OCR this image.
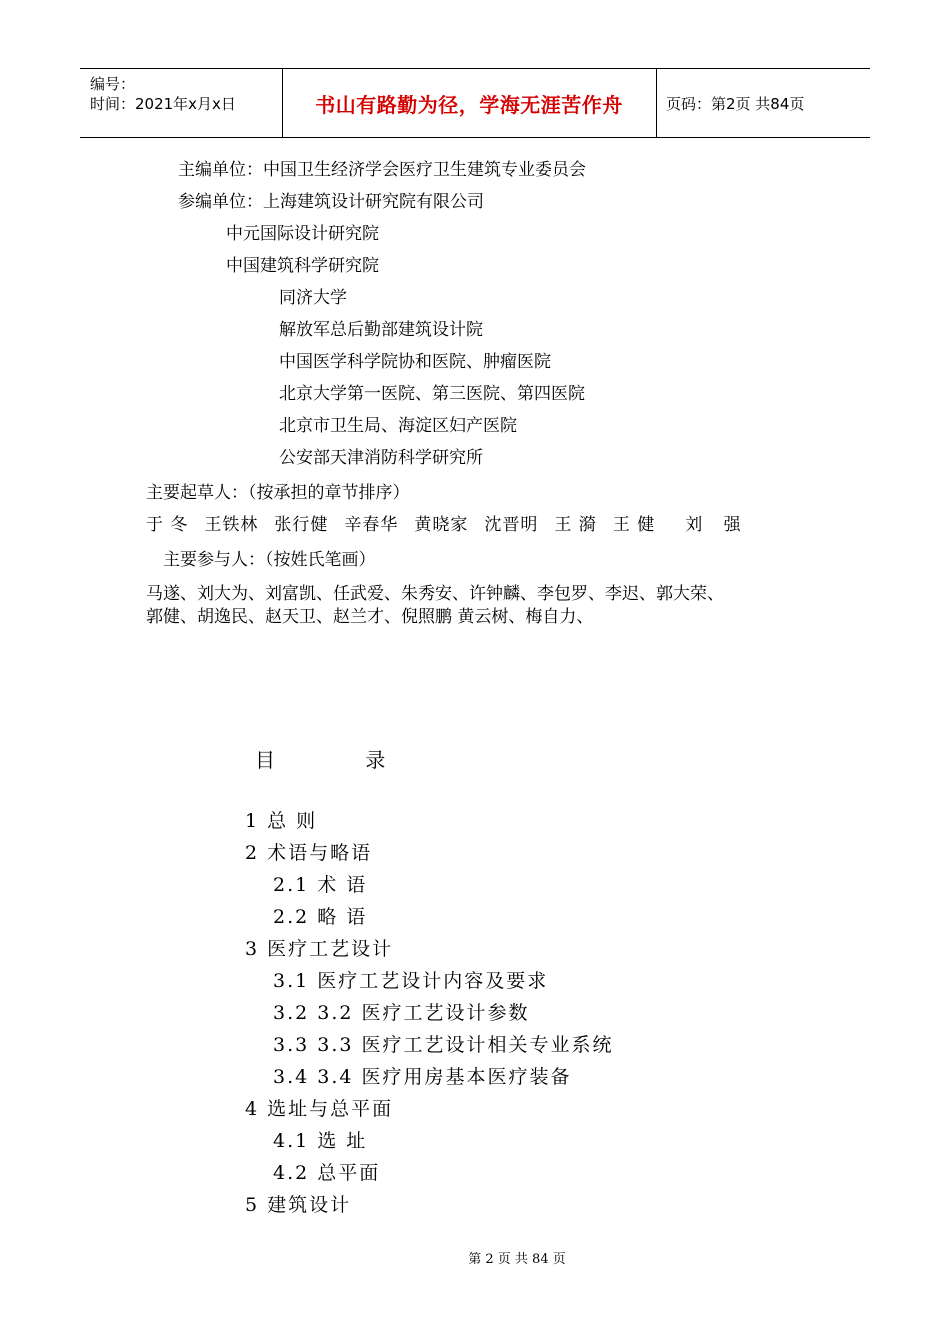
编号：
时间：2021年x月x日	书山有路勤为径，学海无涯苦作舟	页码：第2页 共84页
主编单位：中国卫生经济学会医疗卫生建筑专业委员会
参编单位：上海建筑设计研究院有限公司
中元国际设计研究院
中国建筑科学研究院
同济大学
解放军总后勤部建筑设计院
中国医学科学院协和医院、肿瘤医院
北京大学第一医院、第三医院、第四医院
北京市卫生局、海淀区妇产医院
公安部天津消防科学研究所
主要起草人：（按承担的章节排序）
于 冬 王铁林 张行健 辛春华 黄晓家 沈晋明 王 漪 王 健 刘 强
主要参与人：（按姓氏笔画）
马遂、刘大为、刘富凯、任武爱、朱秀安、许钟麟、李包罗、李迟、郭大荣、
郭健、胡逸民、赵天卫、赵兰才、倪照鹏 黄云树、梅自力、
目 录
1 总 则
2 术语与略语
2.1 术 语
2.2 略 语
3 医疗工艺设计
3.1 医疗工艺设计内容及要求
3.2 3.2 医疗工艺设计参数
3.3 3.3 医疗工艺设计相关专业系统
3.4 3.4 医疗用房基本医疗装备
4 选址与总平面
4.1 选 址
4.2 总平面
5 建筑设计
第 2 页 共 84 页
